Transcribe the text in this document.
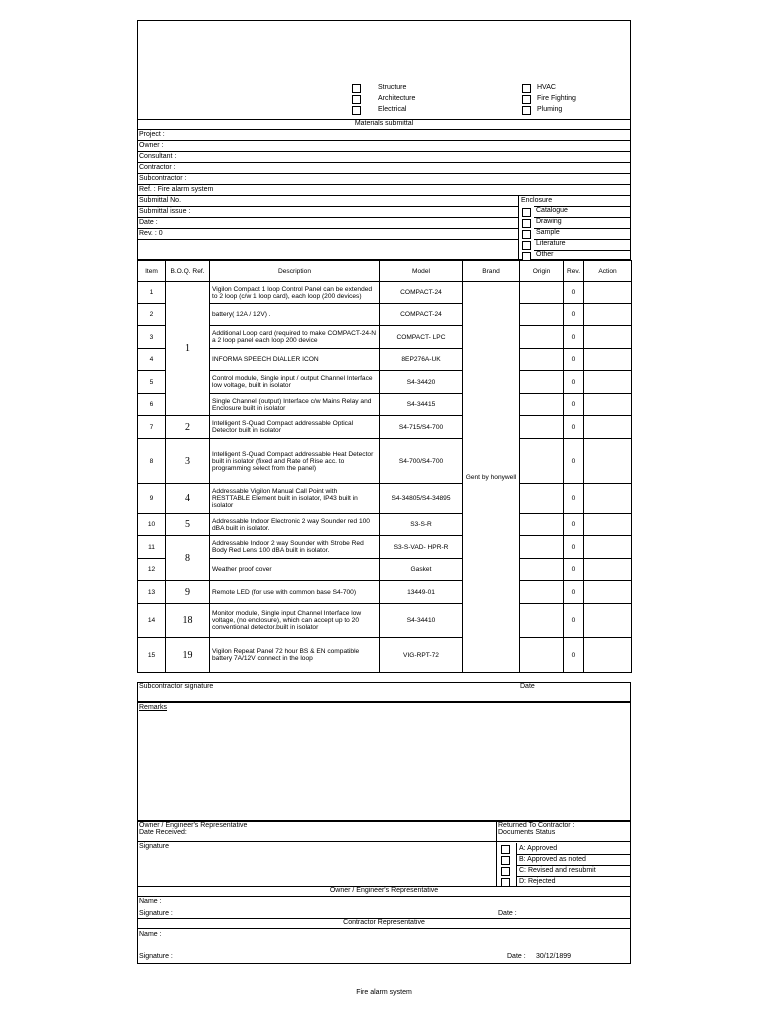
Structure
Architecture
Electrical
HVAC
Fire Fighting
Pluming
Materials submittal
Project :
Owner :
Consultant :
Contractor :
Subcontractor :
Ref. : Fire alarm system
Submittal No.
Submittal issue :
Date :
Rev. : 0
Enclosure
Catalogue
Drawing
Sample
Literature
Other
Item	B.O.Q. Ref.	Description	Model	Brand	Origin	Rev.	Action
1	1	Vigilon Compact 1 loop Control Panel can be extended to 2 loop (c/w 1 loop card), each loop (200 devices)	COMPACT-24	Gent by honywell		0	
2		battery( 12A / 12V) .	COMPACT-24			0	
3		Additional Loop card (required to make COMPACT-24-N a 2 loop panel each loop 200 device	COMPACT- LPC			0	
4		INFORMA SPEECH DIALLER ICON	8EP276A-UK			0	
5		Control module, Single input / output Channel Interface low voltage, built in isolator	S4-34420			0	
6		Single Channel (output) Interface c/w Mains Relay and Enclosure built in isolator	S4-34415			0	
7	2	Intelligent S-Quad Compact addressable Optical Detector built in isolator	S4-715/S4-700			0	
8	3	Intelligent S-Quad Compact addressable Heat Detector built in isolator (fixed and Rate of Rise acc. to programming select from the panel)	S4-700/S4-700			0	
9	4	Addressable Vigilon Manual Call Point with RESTTABLE Element built in isolator, IP43 built in isolator	S4-34805/S4-34895			0	
10	5	Addressable Indoor Electronic 2 way Sounder red 100 dBA built in isolator.	S3-S-R			0	
11	8	Addressable Indoor 2 way Sounder with Strobe Red Body Red Lens 100 dBA built in isolator.	S3-S-VAD- HPR-R			0	
12		Weather proof cover	Gasket			0	
13	9	Remote LED (for use with common base S4-700)	13449-01			0	
14	18	Monitor module, Single input Channel Interface low voltage, (no enclosure), which can accept up to 20 conventional detector.built in isolator	S4-34410			0	
15	19	Vigilon Repeat Panel 72 hour BS & EN compatible battery 7A/12V connect in the loop	VIG-RPT-72			0	
Subcontractor signature	Date
Remarks
Owner / Engineer's Representative
Date Received:
Returned To Contractor :
Documents Status
Signature	A: Approved
B: Approved as noted
C: Revised and resubmit
D: Rejected
Owner / Engineer's Representative
Name :
Signature :	Date :
Contractor Representative
Name :
Signature :	Date : 30/12/1899
Fire alarm system
